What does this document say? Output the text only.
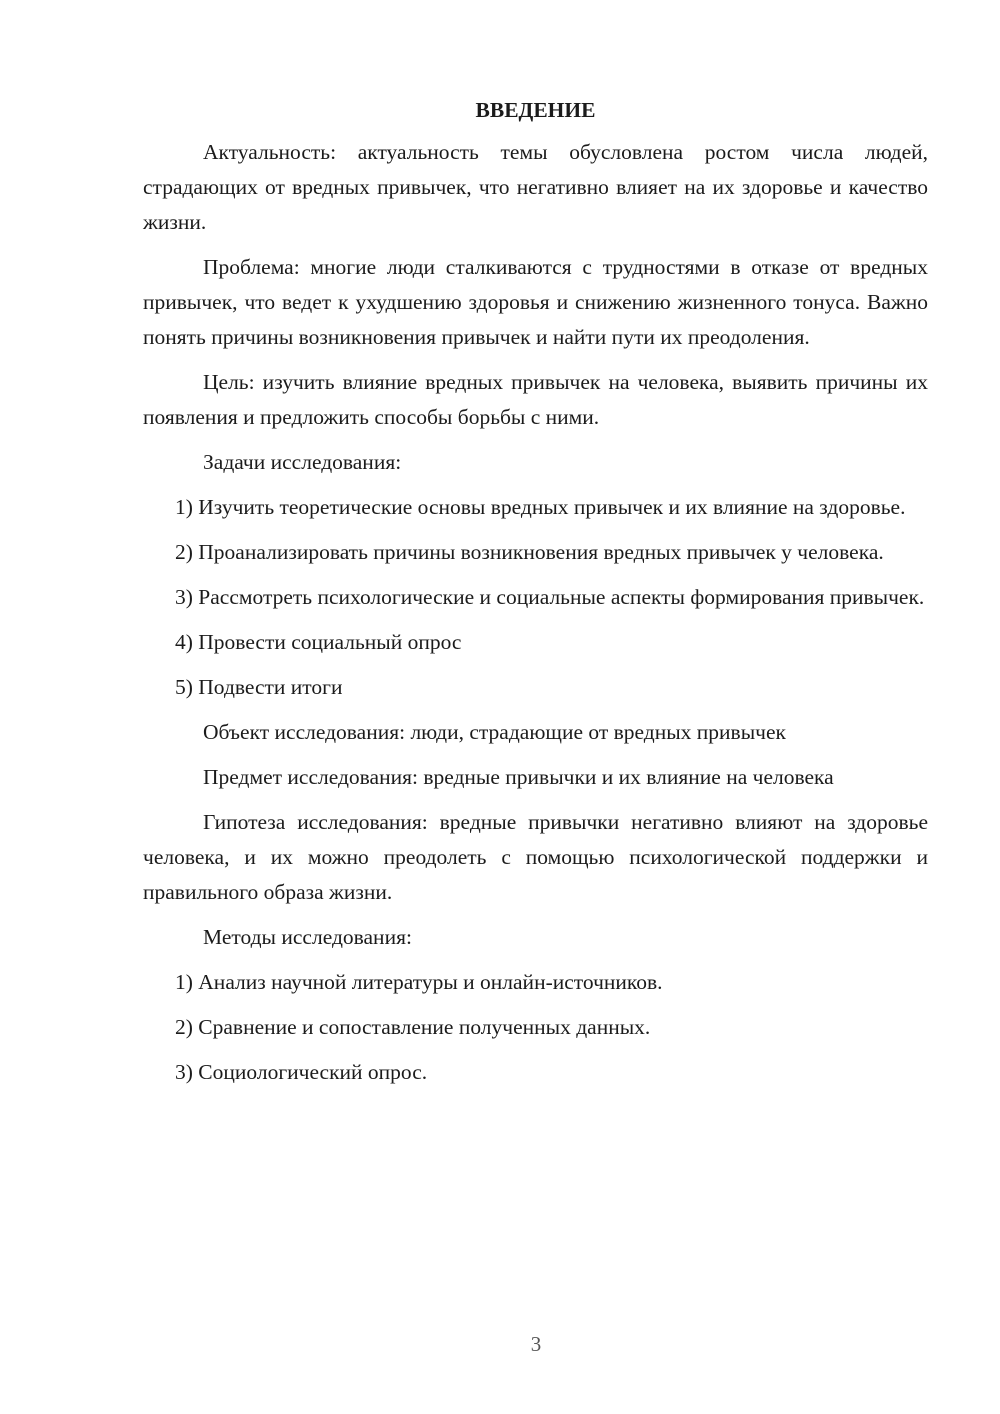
ВВЕДЕНИЕ

Актуальность: актуальность темы обусловлена ростом числа людей, страдающих от вредных привычек, что негативно влияет на их здоровье и качество жизни.

Проблема: многие люди сталкиваются с трудностями в отказе от вредных привычек, что ведет к ухудшению здоровья и снижению жизненного тонуса. Важно понять причины возникновения привычек и найти пути их преодоления.

Цель: изучить влияние вредных привычек на человека, выявить причины их появления и предложить способы борьбы с ними.

Задачи исследования:

1) Изучить теоретические основы вредных привычек и их влияние на здоровье.

2) Проанализировать причины возникновения вредных привычек у человека.

3) Рассмотреть психологические и социальные аспекты формирования привычек.

4) Провести социальный опрос

5) Подвести итоги

Объект исследования: люди, страдающие от вредных привычек

Предмет исследования: вредные привычки и их влияние на человека

Гипотеза исследования: вредные привычки негативно влияют на здоровье человека, и их можно преодолеть с помощью психологической поддержки и правильного образа жизни.

Методы исследования:

1) Анализ научной литературы и онлайн-источников.

2) Сравнение и сопоставление полученных данных.

3) Социологический опрос.

3
